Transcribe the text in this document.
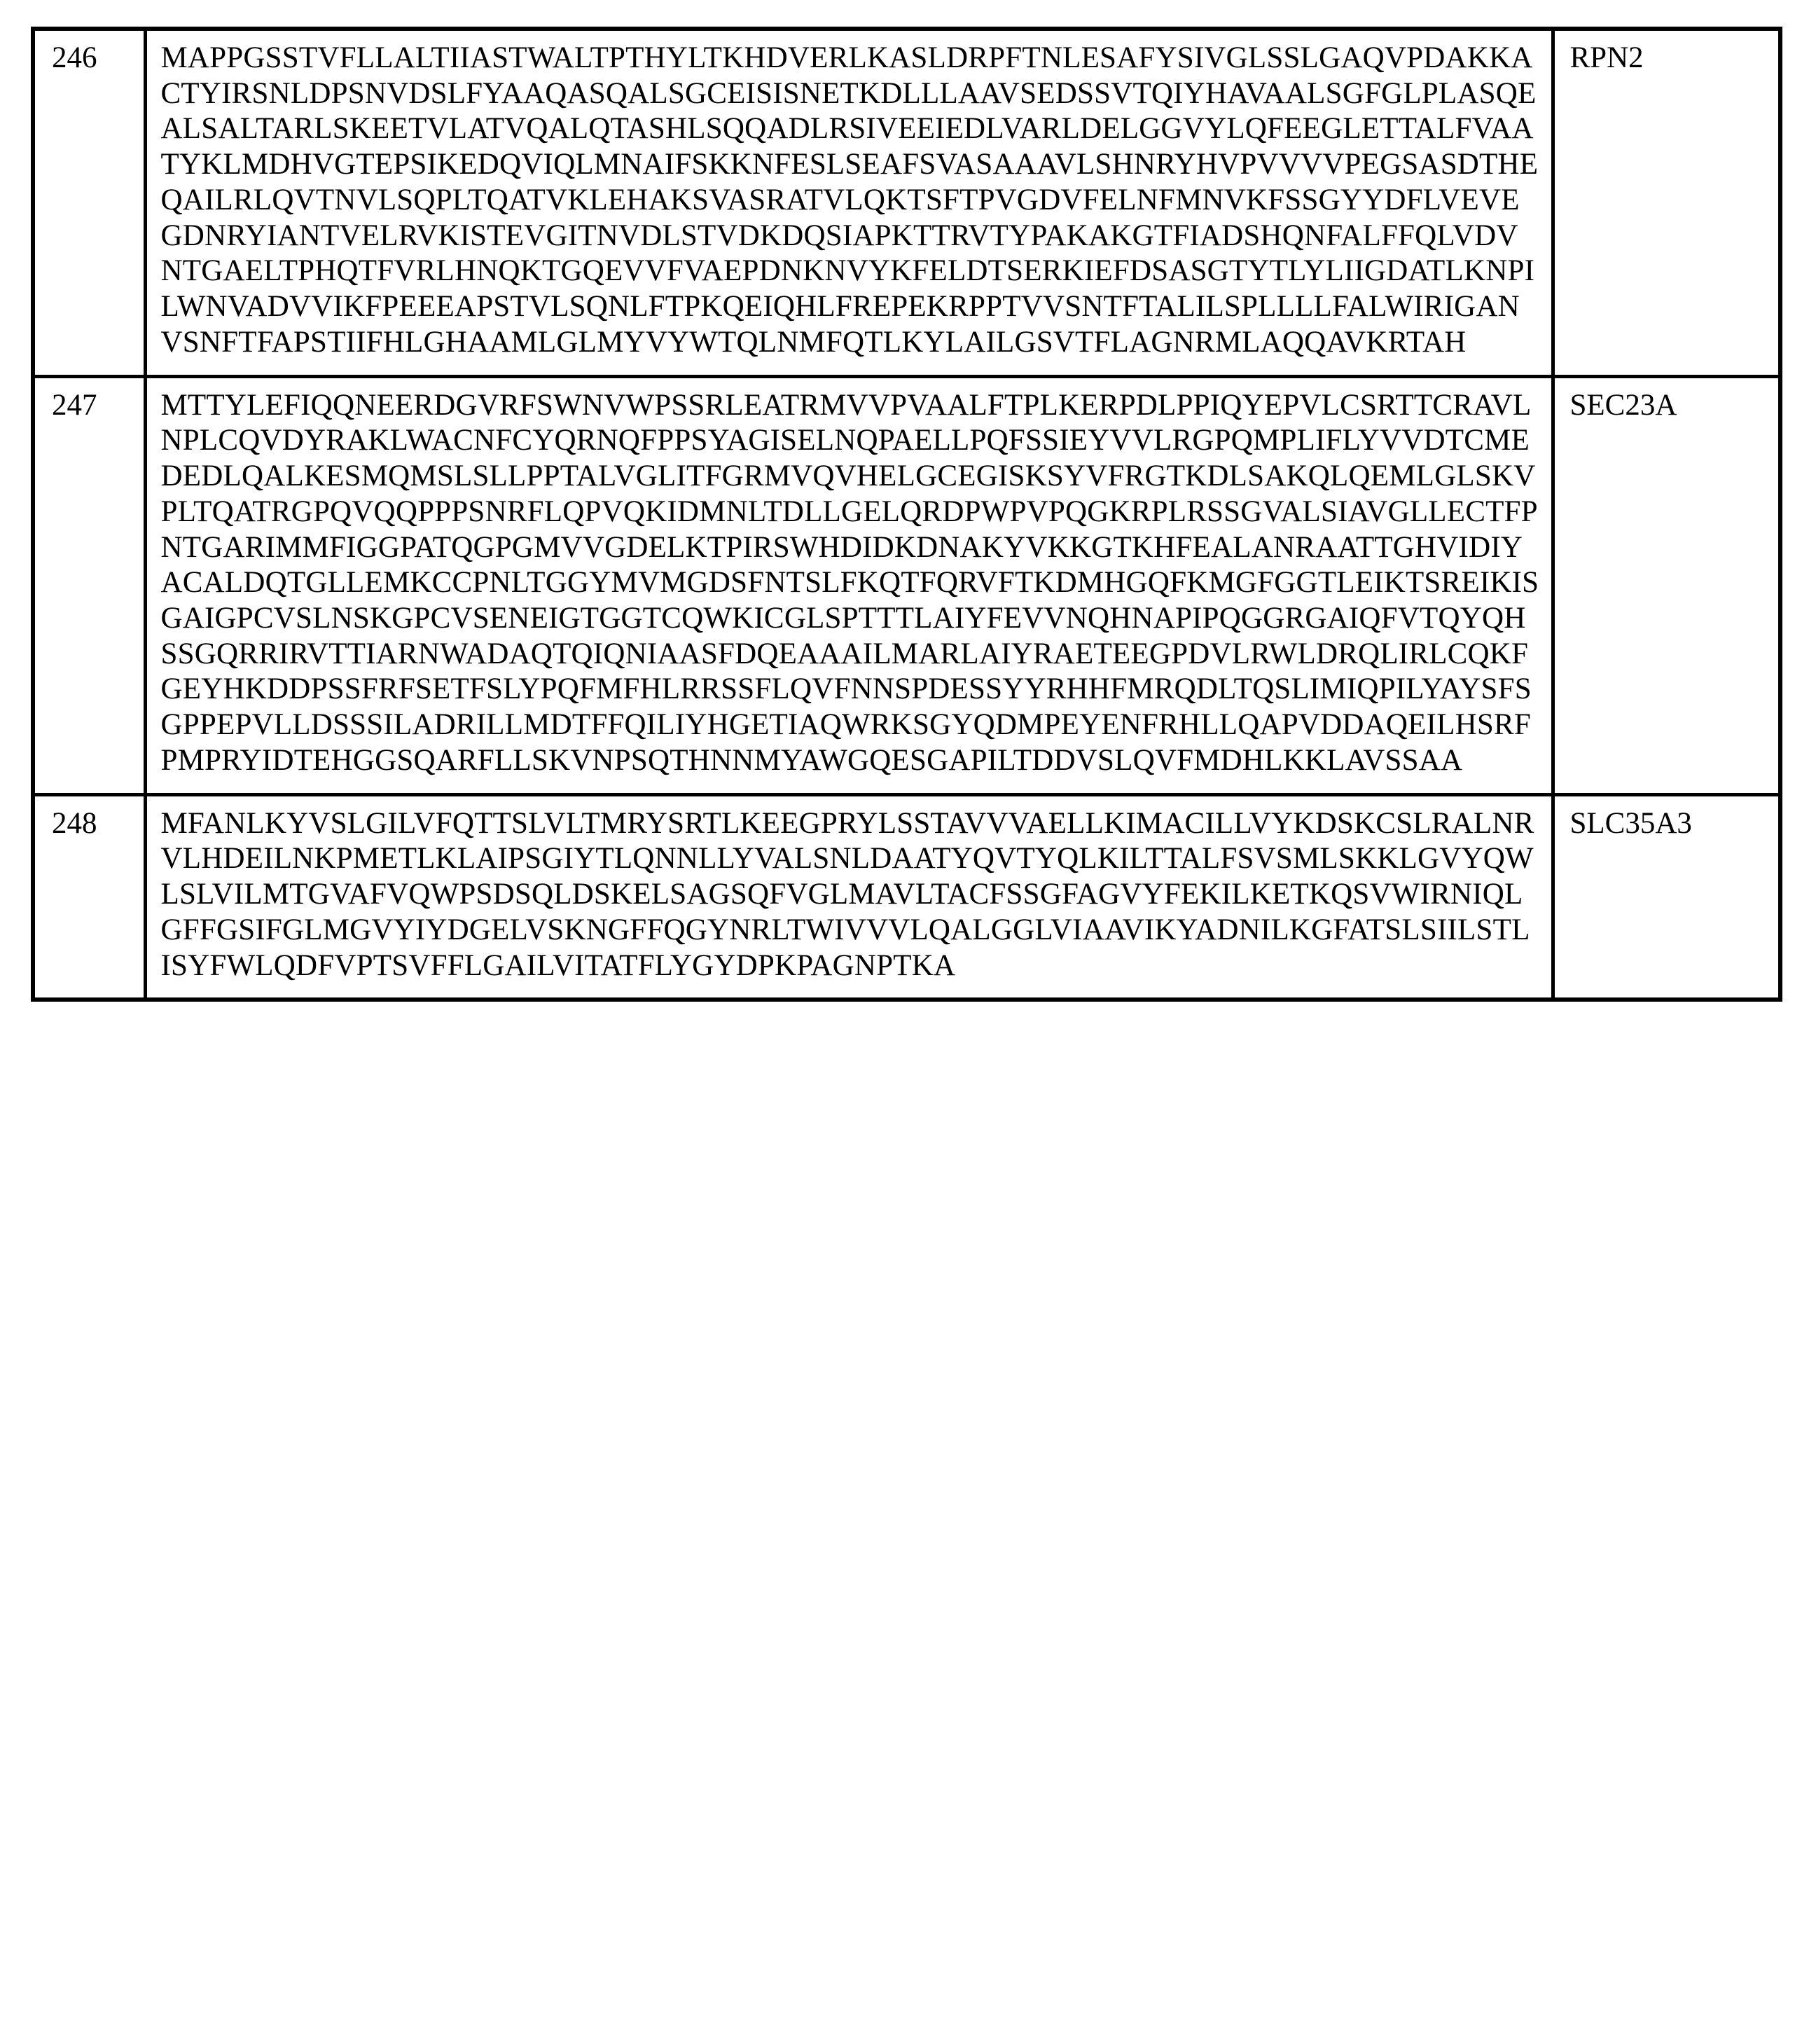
246	MAPPGSSTVFLLALTIIASTWALTPTHYLTKHDVERLKASLDRPFTNLESAFYSIVGLSSLGAQVPDAKKACTYIRSNLDPSNVDSLFYAAQASQALSGCEISISNETKDLLLAAVSEDSSVTQIYHAVAALSGFGLPLASQEALSALTARLSKEETVLATVQALQTASHLSQQADLRSIVEEIEDLVARLDELGGVYLQFEEGLETTALFVAATYKLMDHVGTEPSIKEDQVIQLMNAIFSKKNFESLSEAFSVASAAAVLSHNRYHVPVVVVPEGSASDTHEQAILRLQVTNVLSQPLTQATVKLEHAKSVASRATVLQKTSFTPVGDVFELNFMNVKFSSGYYDFLVEVEGDNRYIANTVELRVKISTEVGITNVDLSTVDKDQSIAPKTTRVTYPAKAKGTFIADSHQNFALFFQLVDVNTGAELTPHQTFVRLHNQKTGQEVVFVAEPDNKNVYKFELDTSERKIEFDSASGTYTLYLIIGDATLKNPILWNVADVVIKFPEEEAPSTVLSQNLFTPKQEIQHLFREPEKRPPTVVSNTFTALILSPLLLLFALWIRIGANVSNFTFAPSTIIFHLGHAAMLGLMYVYWTQLNMFQTLKYLAILGSVTFLAGNRMLAQQAVKRTAH	RPN2
247	MTTYLEFIQQNEERDGVRFSWNVWPSSRLEATRMVVPVAALFTPLKERPDLPPIQYEPVLCSRTTCRAVLNPLCQVDYRAKLWACNFCYQRNQFPPSYAGISELNQPAELLPQFSSIEYVVLRGPQMPLIFLYVVDTCMEDEDLQALKESMQMSLSLLPPTALVGLITFGRMVQVHELGCEGISKSYVFRGTKDLSAKQLQEMLGLSKVPLTQATRGPQVQQPPPSNRFLQPVQKIDMNLTDLLGELQRDPWPVPQGKRPLRSSGVALSIAVGLLECTFPNTGARIMMFIGGPATQGPGMVVGDELKTPIRSWHDIDKDNAKYVKKGTKHFEALANRAATTGHVIDIYACALDQTGLLEMKCCPNLTGGYMVMGDSFNTSLFKQTFQRVFTKDMHGQFKMGFGGTLEIKTSREIKISGAIGPCVSLNSKGPCVSENEIGTGGTCQWKICGLSPTTTLAIYFEVVNQHNAPIPQGGRGAIQFVTQYQHSSGQRRIRVTTIARNWADAQTQIQNIAASFDQEAAAILMARLAIYRAETEEGPDVLRWLDRQLIRLCQKFGEYHKDDPSSFRFSETFSLYPQFMFHLRRSSFLQVFNNSPDESSYYRHHFMRQDLTQSLIMIQPILYAYSFSGPPEPVLLDSSSILADRILLMDTFFQILIYHGETIAQWRKSGYQDMPEYENFRHLLQAPVDDAQEILHSRFPMPRYIDTEHGGSQARFLLSKVNPSQTHNNMYAWGQESGAPILTDDVSLQVFMDHLKKLAVSSAA	SEC23A
248	MFANLKYVSLGILVFQTTSLVLTMRYSRTLKEEGPRYLSSTAVVVAELLKIMACILLVYKDSKCSLRALNRVLHDEILNKPMETLKLAIPSGIYTLQNNLLYVALSNLDAATYQVTYQLKILTTALFSVSMLSKKLGVYQWLSLVILMTGVAFVQWPSDSQLDSKELSAGSQFVGLMAVLTACFSSGFAGVYFEKILKETKQSVWIRNIQLGFFGSIFGLMGVYIYDGELVSKNGFFQGYNRLTWIVVVLQALGGLVIAAVIKYADNILKGFATSLSIILSTLISYFWLQDFVPTSVFFLGAILVITATFLYGYDPKPAGNPTKA	SLC35A3
